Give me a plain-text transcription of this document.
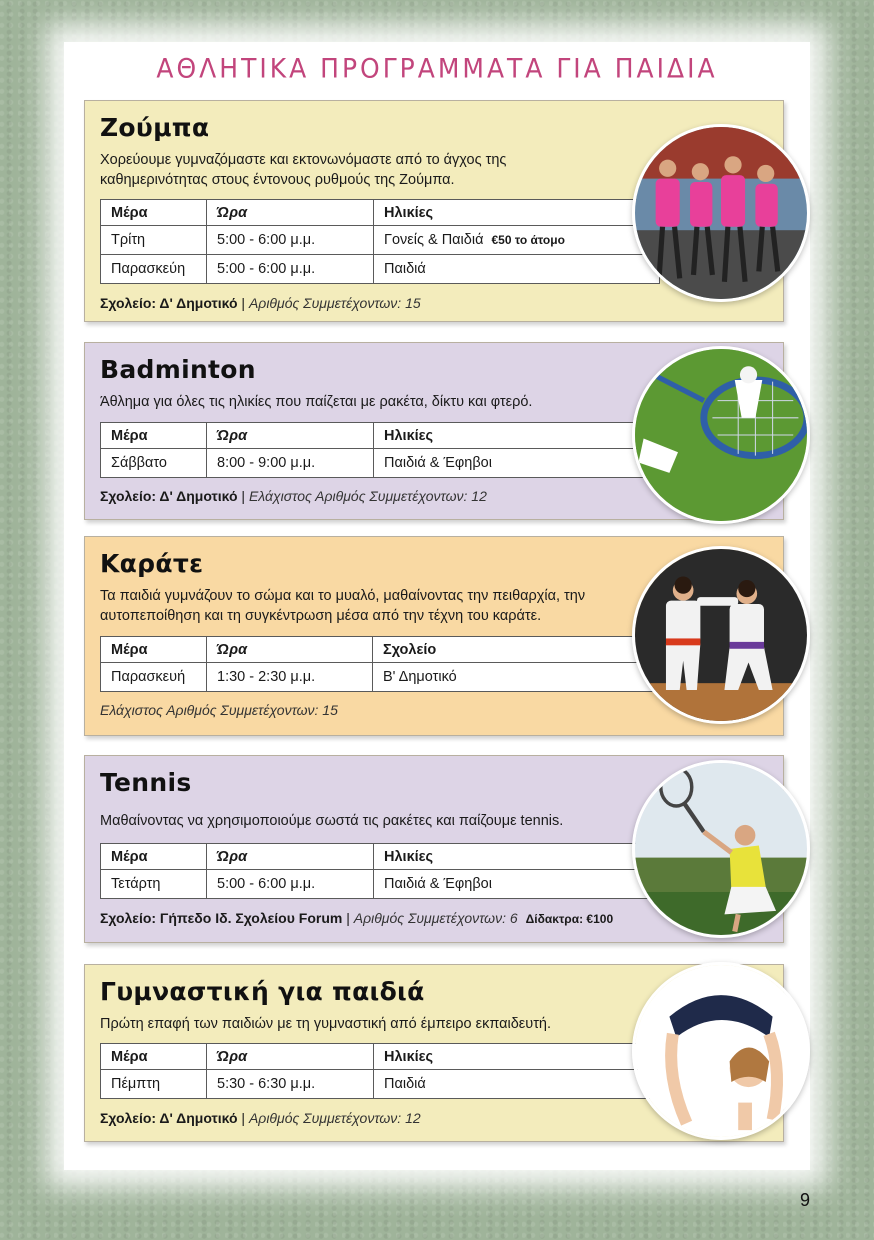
ΑΘΛΗΤΙΚΑ ΠΡΟΓΡΑΜΜΑΤΑ ΓΙΑ ΠΑΙΔΙΑ
Ζούμπα

Χορεύουμε γυμναζόμαστε και εκτονωνόμαστε από το άγχος της καθημερινότητας στους έντονους ρυθμούς της Ζούμπα.

Μέρα	Ώρα	Ηλικίες
Τρίτη	5:00 - 6:00 μ.μ.	Γονείς & Παιδιά €50 το άτομο
Παρασκεύη	5:00 - 6:00 μ.μ.	Παιδιά

Σχολείο: Δ' Δημοτικό | Αριθμός Συμμετέχοντων: 15

Badminton

Άθλημα για όλες τις ηλικίες που παίζεται με ρακέτα, δίκτυ και φτερό.

Μέρα	Ώρα	Ηλικίες
Σάββατο	8:00 - 9:00 μ.μ.	Παιδιά & Έφηβοι

Σχολείο: Δ' Δημοτικό | Ελάχιστος Αριθμός Συμμετέχοντων: 12

Καράτε

Τα παιδιά γυμνάζουν το σώμα και το μυαλό, μαθαίνοντας την πειθαρχία, την αυτοπεποίθηση και τη συγκέντρωση μέσα από την τέχνη του καράτε.

Μέρα	Ώρα	Σχολείο
Παρασκευή	1:30 - 2:30 μ.μ.	Β' Δημοτικό

Ελάχιστος Αριθμός Συμμετέχοντων: 15

Tennis

Μαθαίνοντας να χρησιμοποιούμε σωστά τις ρακέτες και παίζουμε tennis.

Μέρα	Ώρα	Ηλικίες
Τετάρτη	5:00 - 6:00 μ.μ.	Παιδιά & Έφηβοι

Σχολείο: Γήπεδο Ιδ. Σχολείου Forum | Αριθμός Συμμετέχοντων: 6 Δίδακτρα: €100

Γυμναστική για παιδιά

Πρώτη επαφή των παιδιών με τη γυμναστική από έμπειρο εκπαιδευτή.

Μέρα	Ώρα	Ηλικίες
Πέμπτη	5:30 - 6:30 μ.μ.	Παιδιά

Σχολείο: Δ' Δημοτικό | Αριθμός Συμμετέχοντων: 12

9
